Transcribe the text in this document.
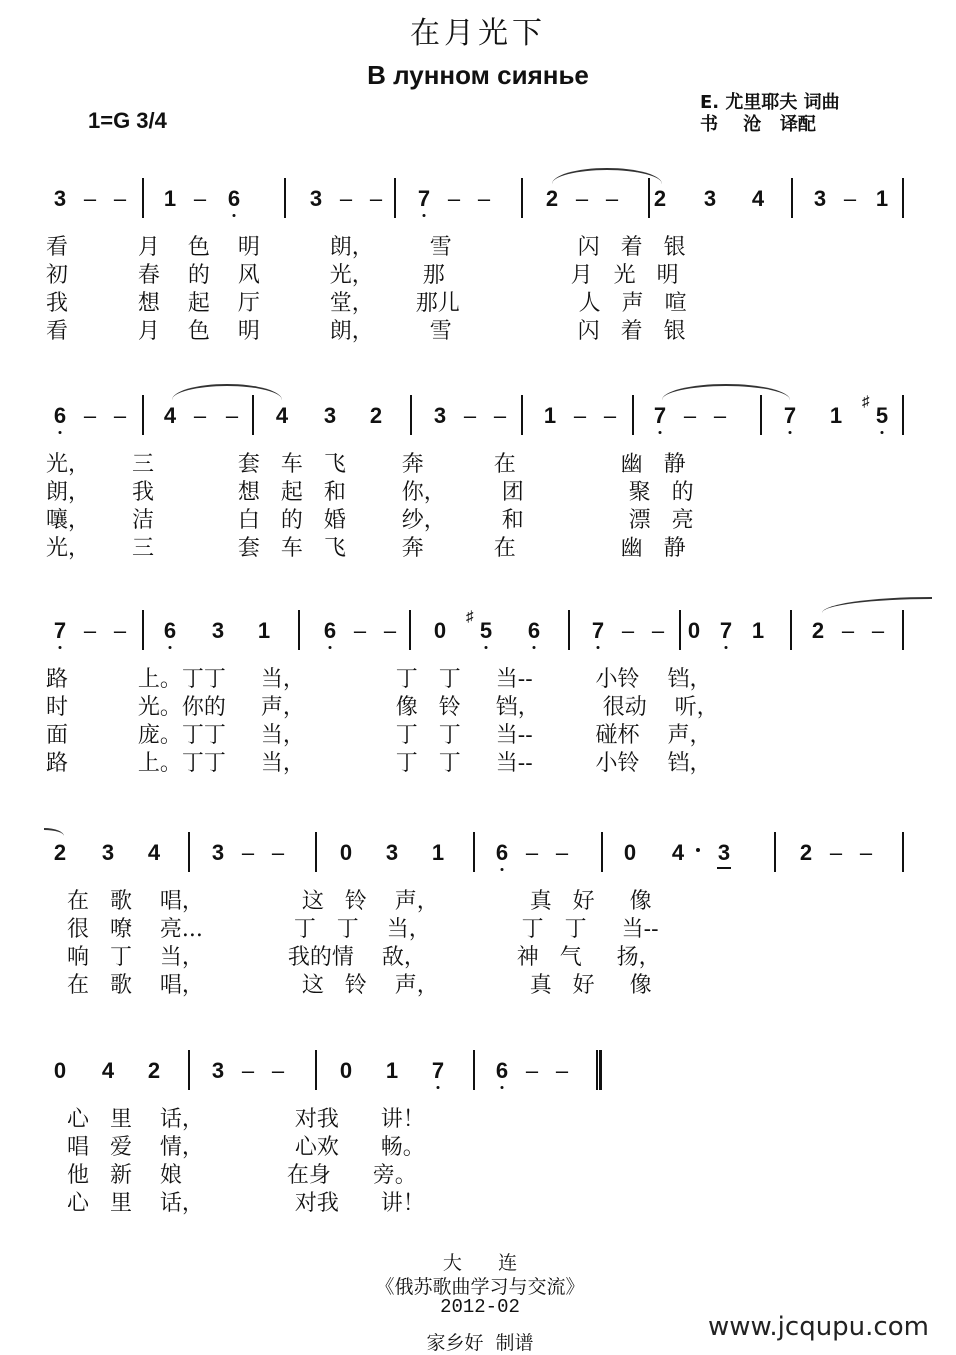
在月光下
В лунном сиянье
1=G 3/4
E. 尤里耶夫 词曲
书    沧   译配
3 – – 1 – 6	3 – – 7 – –	2 – – 2 3 4 3 – 1
看          月    色    明          朗，        雪                  闪   着   银
初          春    的    风          光，       那                  月   光   明
我          想    起    厅          堂，      那儿                 人   声   喧
看          月    色    明          朗，        雪                  闪   着   银
6 – – 4 – – 4 3 2 3 – – 1 – – 7 – –	7 1 5
♯
光，      三            套   车   飞        奔          在               幽   静
朗，      我            想   起   和        你，        团               聚   的
嚷，      洁            白   的   婚        纱，        和               漂   亮
光，      三            套   车   飞        奔          在               幽   静
7 – – 6 3 1 6 – – 0 5
♯
6 7 – – 0 7 1 2 – –
路          上。丁丁     当，             丁   丁     当--         小铃    铛，
时          光。你的     声，             像   铃     铛，         很动    听，
面          庞。丁丁     当，             丁   丁     当--         碰杯    声，
路          上。丁丁     当，             丁   丁     当--         小铃    铛，
2 3 4 3 – –	0 3 1 6 – –	0 4 3	2 – –
在   歌    唱，              这   铃    声，             真   好     像
很   嘹    亮...             丁   丁    当，             丁   丁     当--
响   丁    当，            我的情    敌，             神   气     扬，
在   歌    唱，              这   铃    声，             真   好     像
0 4 2 3 – –	0 1 7 6 – –
心   里    话，             对我      讲！
唱   爱    情，             心欢      畅。
他   新    娘               在身      旁。
心   里    话，             对我      讲！
大      连
《俄苏歌曲学习与交流》
2012-02
家乡好  制谱
www.jcqupu.com
